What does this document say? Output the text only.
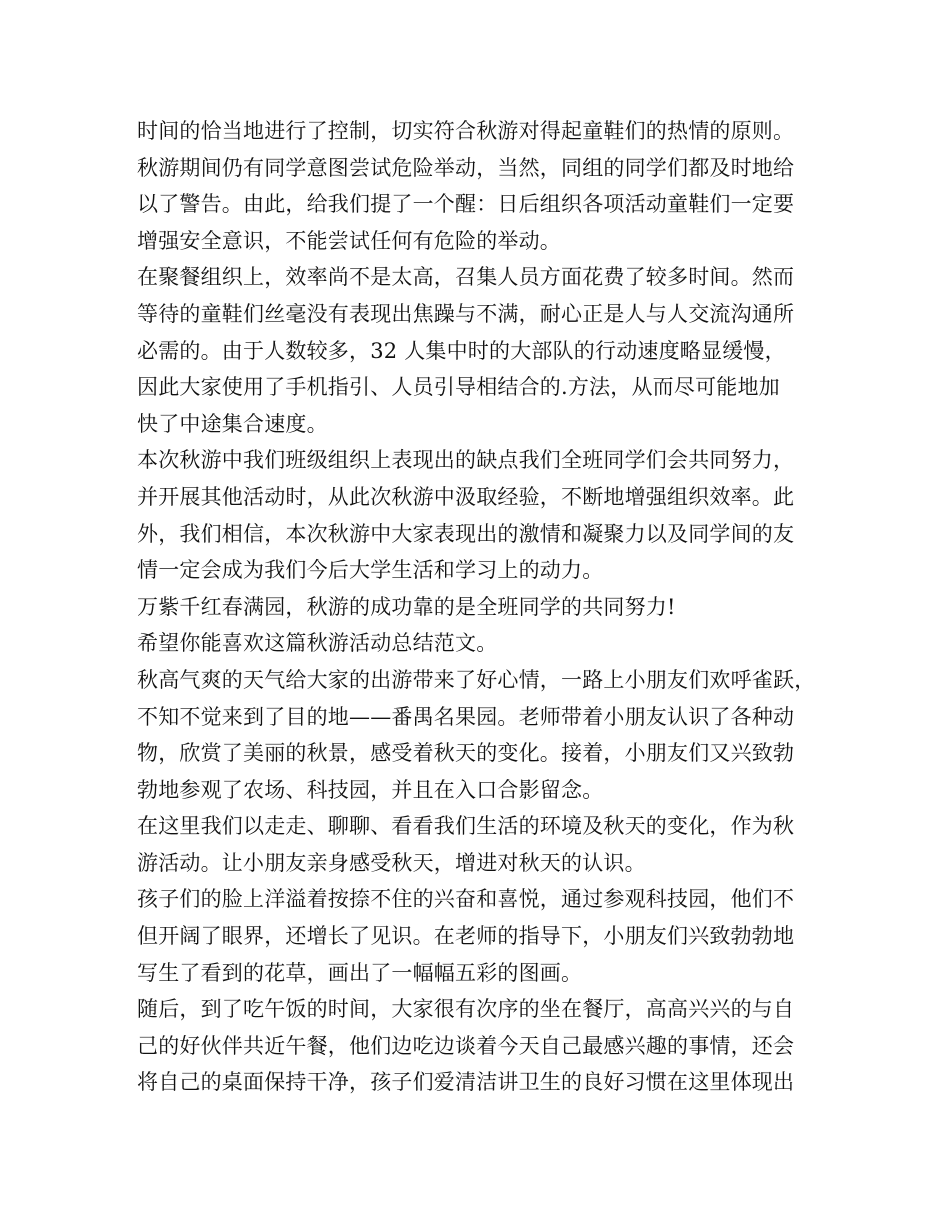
时间的恰当地进行了控制，切实符合秋游对得起童鞋们的热情的原则。
秋游期间仍有同学意图尝试危险举动，当然，同组的同学们都及时地给
以了警告。由此，给我们提了一个醒：日后组织各项活动童鞋们一定要
增强安全意识，不能尝试任何有危险的举动。
在聚餐组织上，效率尚不是太高，召集人员方面花费了较多时间。然而
等待的童鞋们丝毫没有表现出焦躁与不满，耐心正是人与人交流沟通所
必需的。由于人数较多，32 人集中时的大部队的行动速度略显缓慢，
因此大家使用了手机指引、人员引导相结合的.方法，从而尽可能地加
快了中途集合速度。
本次秋游中我们班级组织上表现出的缺点我们全班同学们会共同努力，
并开展其他活动时，从此次秋游中汲取经验，不断地增强组织效率。此
外，我们相信，本次秋游中大家表现出的激情和凝聚力以及同学间的友
情一定会成为我们今后大学生活和学习上的动力。
万紫千红春满园，秋游的成功靠的是全班同学的共同努力!
希望你能喜欢这篇秋游活动总结范文。
秋高气爽的天气给大家的出游带来了好心情，一路上小朋友们欢呼雀跃，
不知不觉来到了目的地——番禺名果园。老师带着小朋友认识了各种动
物，欣赏了美丽的秋景，感受着秋天的变化。接着，小朋友们又兴致勃
勃地参观了农场、科技园，并且在入口合影留念。
在这里我们以走走、聊聊、看看我们生活的环境及秋天的变化，作为秋
游活动。让小朋友亲身感受秋天，增进对秋天的认识。
孩子们的脸上洋溢着按捺不住的兴奋和喜悦，通过参观科技园，他们不
但开阔了眼界，还增长了见识。在老师的指导下，小朋友们兴致勃勃地
写生了看到的花草，画出了一幅幅五彩的图画。
随后，到了吃午饭的时间，大家很有次序的坐在餐厅，高高兴兴的与自
己的好伙伴共近午餐，他们边吃边谈着今天自己最感兴趣的事情，还会
将自己的桌面保持干净，孩子们爱清洁讲卫生的良好习惯在这里体现出
